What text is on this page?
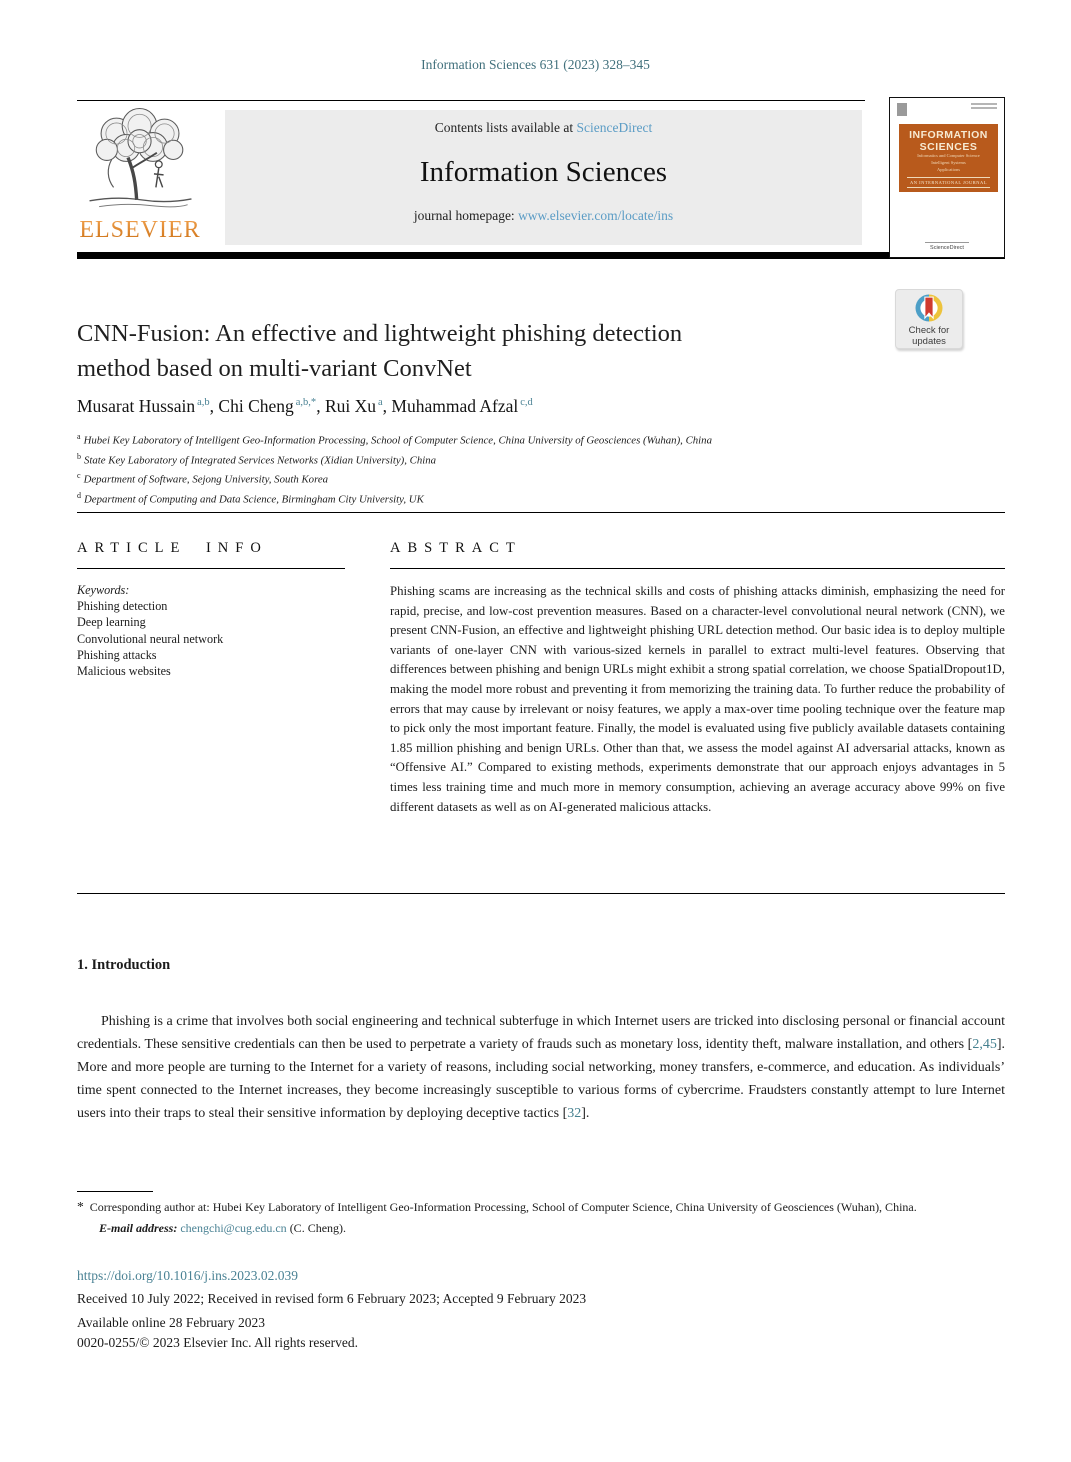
Information Sciences 631 (2023) 328–345
ELSEVIER
Contents lists available at ScienceDirect
Information Sciences
journal homepage: www.elsevier.com/locate/ins
INFORMATION
SCIENCES
Informatics and Computer Science
Intelligent Systems
Applications
AN INTERNATIONAL JOURNAL
ScienceDirect
Check for
updates
CNN-Fusion: An effective and lightweight phishing detection
method based on multi-variant ConvNet
Musarat Hussain $^{a,b}$, Chi Cheng $^{a,b,*}$, Rui Xu $^a$, Muhammad Afzal $^{c,d}$
$^a$ Hubei Key Laboratory of Intelligent Geo-Information Processing, School of Computer Science, China University of Geosciences (Wuhan), China
$^b$ State Key Laboratory of Integrated Services Networks (Xidian University), China
$^c$ Department of Software, Sejong University, South Korea
$^d$ Department of Computing and Data Science, Birmingham City University, UK
ARTICLE INFO
Keywords:
Phishing detection
Deep learning
Convolutional neural network
Phishing attacks
Malicious websites
ABSTRACT
Phishing scams are increasing as the technical skills and costs of phishing attacks diminish, emphasizing the need for rapid, precise, and low-cost prevention measures. Based on a character-level convolutional neural network (CNN), we present CNN-Fusion, an effective and lightweight phishing URL detection method. Our basic idea is to deploy multiple variants of one-layer CNN with various-sized kernels in parallel to extract multi-level features. Observing that differences between phishing and benign URLs might exhibit a strong spatial correlation, we choose SpatialDropout1D, making the model more robust and preventing it from memorizing the training data. To further reduce the probability of errors that may cause by irrelevant or noisy features, we apply a max-over time pooling technique over the feature map to pick only the most important feature. Finally, the model is evaluated using five publicly available datasets containing 1.85 million phishing and benign URLs. Other than that, we assess the model against AI adversarial attacks, known as “Offensive AI.” Compared to existing methods, experiments demonstrate that our approach enjoys advantages in 5 times less training time and much more in memory consumption, achieving an average accuracy above 99% on five different datasets as well as on AI-generated malicious attacks.
1. Introduction
Phishing is a crime that involves both social engineering and technical subterfuge in which Internet users are tricked into disclosing personal or financial account credentials. These sensitive credentials can then be used to perpetrate a variety of frauds such as monetary loss, identity theft, malware installation, and others [2,45]. More and more people are turning to the Internet for a variety of reasons, including social networking, money transfers, e-commerce, and education. As individuals’ time spent connected to the Internet increases, they become increasingly susceptible to various forms of cybercrime. Fraudsters constantly attempt to lure Internet users into their traps to steal their sensitive information by deploying deceptive tactics [32].
* Corresponding author at: Hubei Key Laboratory of Intelligent Geo-Information Processing, School of Computer Science, China University of Geosciences (Wuhan), China.
E-mail address: chengchi@cug.edu.cn (C. Cheng).
https://doi.org/10.1016/j.ins.2023.02.039
Received 10 July 2022; Received in revised form 6 February 2023; Accepted 9 February 2023
Available online 28 February 2023
0020-0255/© 2023 Elsevier Inc. All rights reserved.
